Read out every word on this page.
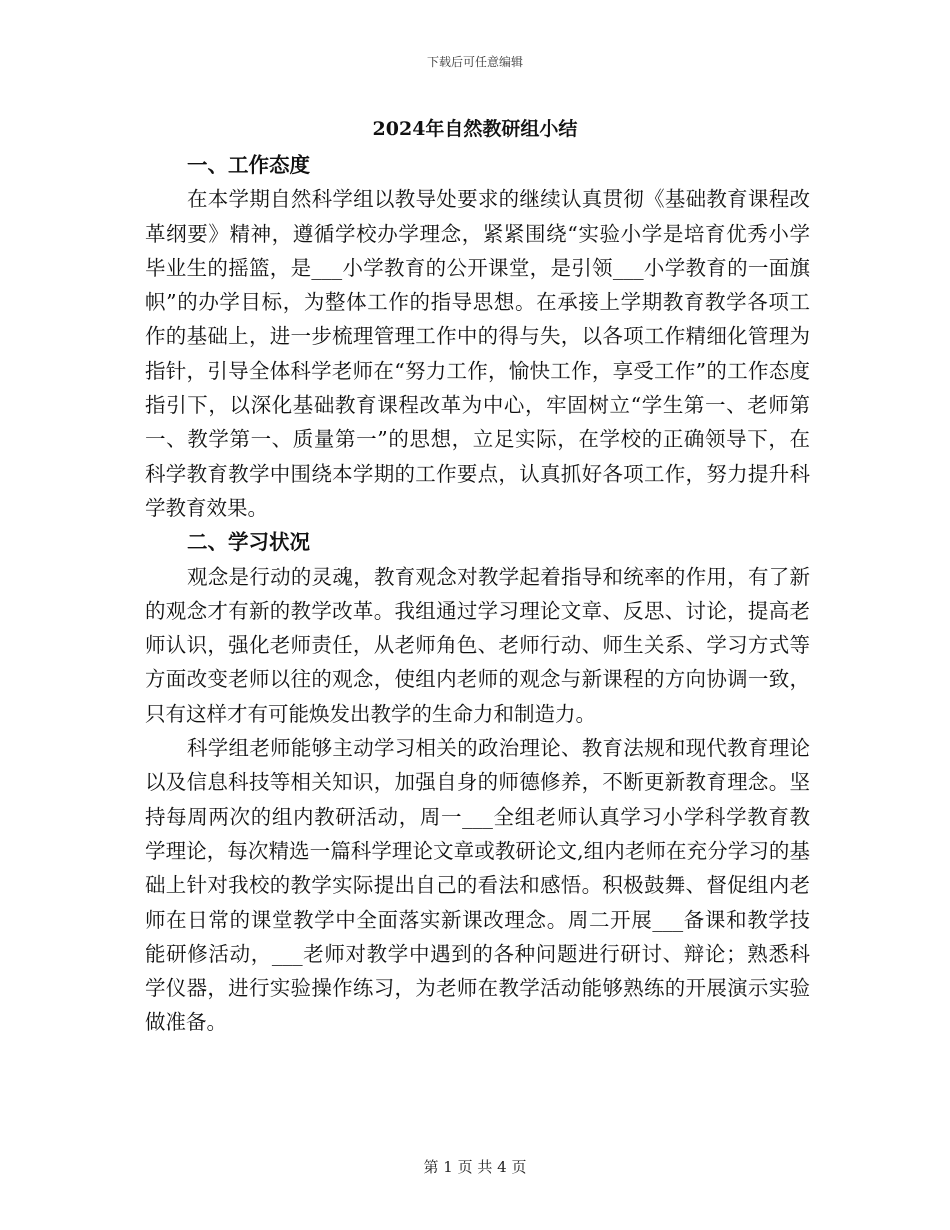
下载后可任意编辑
2024年自然教研组小结

一、工作态度

在本学期自然科学组以教导处要求的继续认真贯彻《基础教育课程改革纲要》精神，遵循学校办学理念，紧紧围绕“实验小学是培育优秀小学毕业生的摇篮，是___小学教育的公开课堂，是引领___小学教育的一面旗帜”的办学目标，为整体工作的指导思想。在承接上学期教育教学各项工作的基础上，进一步梳理管理工作中的得与失，以各项工作精细化管理为指针，引导全体科学老师在“努力工作，愉快工作，享受工作”的工作态度指引下，以深化基础教育课程改革为中心，牢固树立“学生第一、老师第一、教学第一、质量第一”的思想，立足实际，在学校的正确领导下，在科学教育教学中围绕本学期的工作要点，认真抓好各项工作，努力提升科学教育效果。

二、学习状况

观念是行动的灵魂，教育观念对教学起着指导和统率的作用，有了新的观念才有新的教学改革。我组通过学习理论文章、反思、讨论，提高老师认识，强化老师责任，从老师角色、老师行动、师生关系、学习方式等方面改变老师以往的观念，使组内老师的观念与新课程的方向协调一致，只有这样才有可能焕发出教学的生命力和制造力。

科学组老师能够主动学习相关的政治理论、教育法规和现代教育理论以及信息科技等相关知识，加强自身的师德修养，不断更新教育理念。坚持每周两次的组内教研活动，周一___全组老师认真学习小学科学教育教学理论，每次精选一篇科学理论文章或教研论文,组内老师在充分学习的基础上针对我校的教学实际提出自己的看法和感悟。积极鼓舞、督促组内老师在日常的课堂教学中全面落实新课改理念。周二开展___备课和教学技能研修活动，___老师对教学中遇到的各种问题进行研讨、辩论；熟悉科学仪器，进行实验操作练习，为老师在教学活动能够熟练的开展演示实验做准备。

第 1 页 共 4 页
